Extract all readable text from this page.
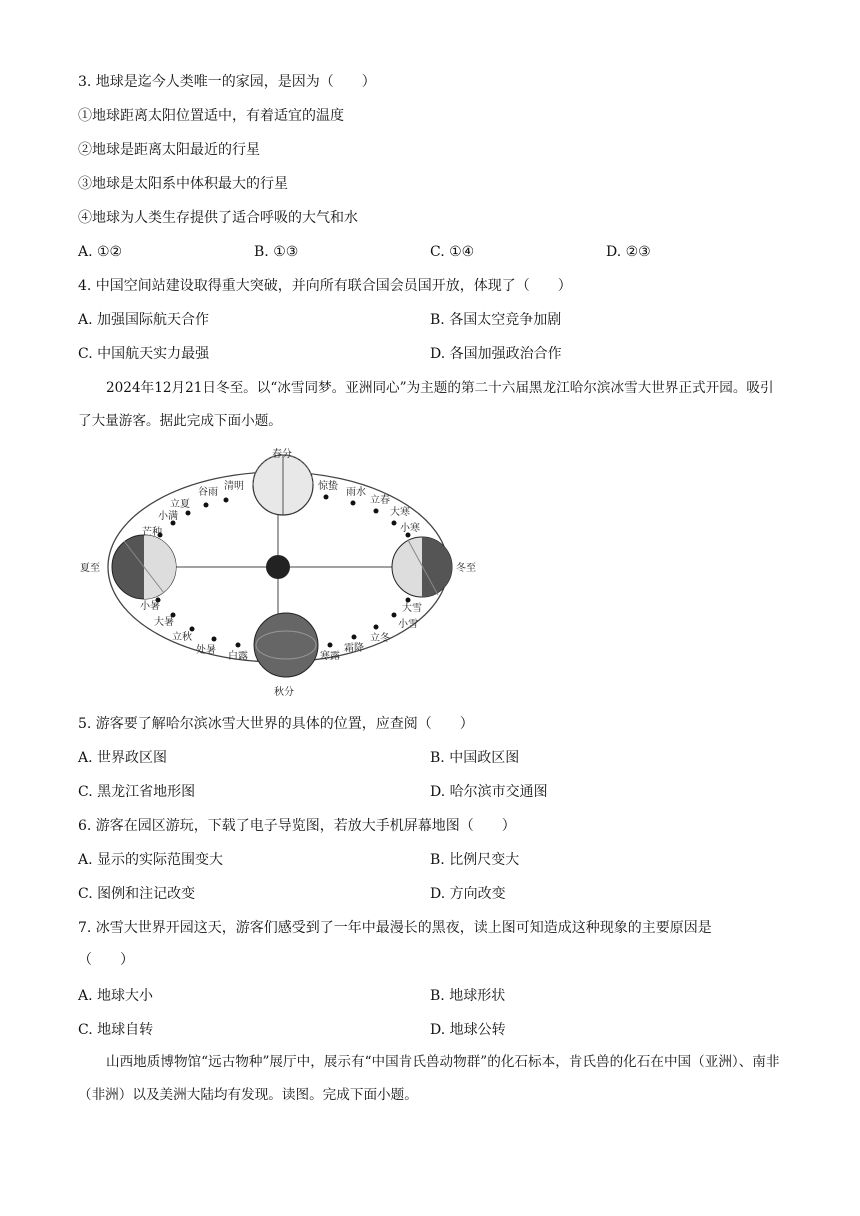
3. 地球是迄今人类唯一的家园，是因为（　　）
①地球距离太阳位置适中，有着适宜的温度
②地球是距离太阳最近的行星
③地球是太阳系中体积最大的行星
④地球为人类生存提供了适合呼吸的大气和水
A. ①②	B. ①③	C. ①④	D. ②③
4. 中国空间站建设取得重大突破，并向所有联合国会员国开放，体现了（　　）
A. 加强国际航天合作	B. 各国太空竞争加剧
C. 中国航天实力最强	D. 各国加强政治合作
2024年12月21日冬至。以“冰雪同梦。亚洲同心”为主题的第二十六届黑龙江哈尔滨冰雪大世界正式开园。吸引了大量游客。据此完成下面小题。
春分
夏至
秋分
冬至
立夏
谷雨
清明
小满
芒种
惊蛰
雨水
立春
大寒
小寒
小暑
大暑
立秋
处暑
白露
大雪
小雪
立冬
霜降
寒露
5. 游客要了解哈尔滨冰雪大世界的具体的位置，应查阅（　　）
A. 世界政区图	B. 中国政区图
C. 黑龙江省地形图	D. 哈尔滨市交通图
6. 游客在园区游玩，下载了电子导览图，若放大手机屏幕地图（　　）
A. 显示的实际范围变大	B. 比例尺变大
C. 图例和注记改变	D. 方向改变
7. 冰雪大世界开园这天，游客们感受到了一年中最漫长的黑夜，读上图可知造成这种现象的主要原因是
（　　）
A. 地球大小	B. 地球形状
C. 地球自转	D. 地球公转
山西地质博物馆“远古物种”展厅中，展示有“中国肯氏兽动物群”的化石标本，肯氏兽的化石在中国（亚洲）、南非（非洲）以及美洲大陆均有发现。读图。完成下面小题。
